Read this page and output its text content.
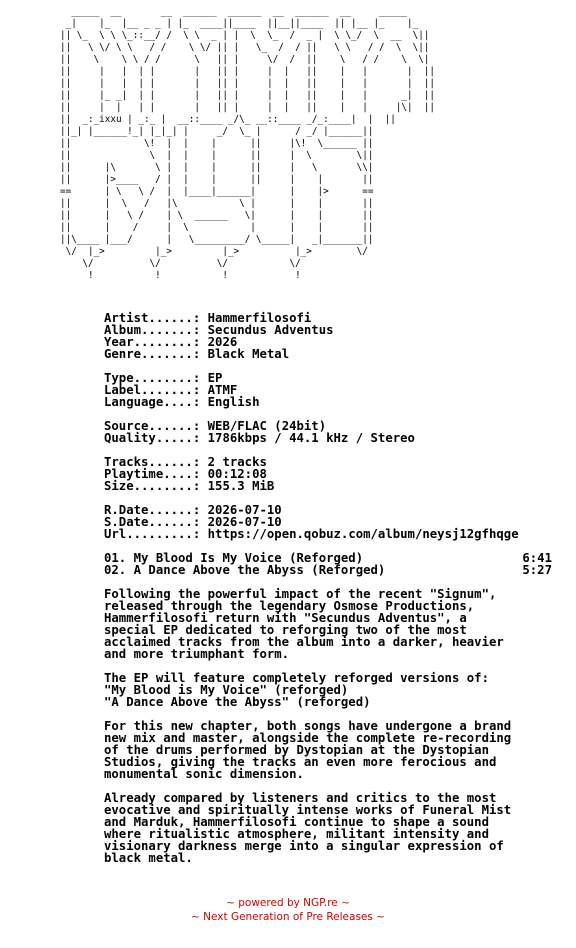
_____  __       __  ______  ______  __  ______  __     _____
_|    |_  |__ _ _ | |_  ____||____  ||__||____  || |__ |_    |_
|| \_  \ \ \_::__/ /  \ \  _ | |  \  \_  /  _ |  \ \_/  \  __  \||
||   \ \/ \ \   / /    \ \/ || |   \_  /  / ||   \ \   / /  \  \||
||    \    \ \ / /      \   || |     \/  /  ||    \   / /    \  \|
||     |   |  | |       |   || |     |  |   ||    |   |       |  ||
||     |   |  | |       |   || |     |  |   ||    |   |       |  ||
||     |_ _|  | |       |   || |     |  |   ||    |   |      _|  ||
||     |  |   | |       |   || |     |  |   ||    |   |     |\|  ||
||  _:_ixxu | _:_ |  __::____ _/\_ __::____ _/_:____|  |  ||
||_| |______!_| |_|_| |     _/  \_ |      / _/ |______||
||             \!  |  |    |      ||     |\!  \______ ||
||              \  |  |    |      ||     |  \        \||
||      |\       \ |  |    |      ||     |   \       \\|
||      |>____   / |  |    |      ||     |    |       ||
==      | \   \ /  |  |____|______|      |    |>      ==
||      |  \   /   |\           \ |      |    |       ||
||      |   \ /    | \  ______   \|      |    |       ||
||      |    /     |  \           |      |    |       ||
||\____ |___/      |   \_________/ \_____|   _|_______||
\/  |_>         |_>         |_>          |_>        \/
\/          \/          \/           \/
!           !           !            !
Artist......: Hammerfilosofi
Album.......: Secundus Adventus
Year........: 2026
Genre.......: Black Metal
Type........: EP
Label.......: ATMF
Language....: English
Source......: WEB/FLAC (24bit)
Quality.....: 1786kbps / 44.1 kHz / Stereo
Tracks......: 2 tracks
Playtime....: 00:12:08
Size........: 155.3 MiB
R.Date......: 2026-07-10
S.Date......: 2026-07-10
Url.........: https://open.qobuz.com/album/neysj12gfhqge
01. My Blood Is My Voice (Reforged)	6:41
02. A Dance Above the Abyss (Reforged)	5:27
Following the powerful impact of the recent "Signum",
released through the legendary Osmose Productions,
Hammerfilosofi return with "Secundus Adventus", a
special EP dedicated to reforging two of the most
acclaimed tracks from the album into a darker, heavier
and more triumphant form.
The EP will feature completely reforged versions of:
"My Blood is My Voice" (reforged)
"A Dance Above the Abyss" (reforged)
For this new chapter, both songs have undergone a brand
new mix and master, alongside the complete re-recording
of the drums performed by Dystopian at the Dystopian
Studios, giving the tracks an even more ferocious and
monumental sonic dimension.
Already compared by listeners and critics to the most
evocative and spiritually intense works of Funeral Mist
and Marduk, Hammerfilosofi continue to shape a sound
where ritualistic atmosphere, militant intensity and
visionary darkness merge into a singular expression of
black metal.
~ powered by NGP.re ~
~ Next Generation of Pre Releases ~
